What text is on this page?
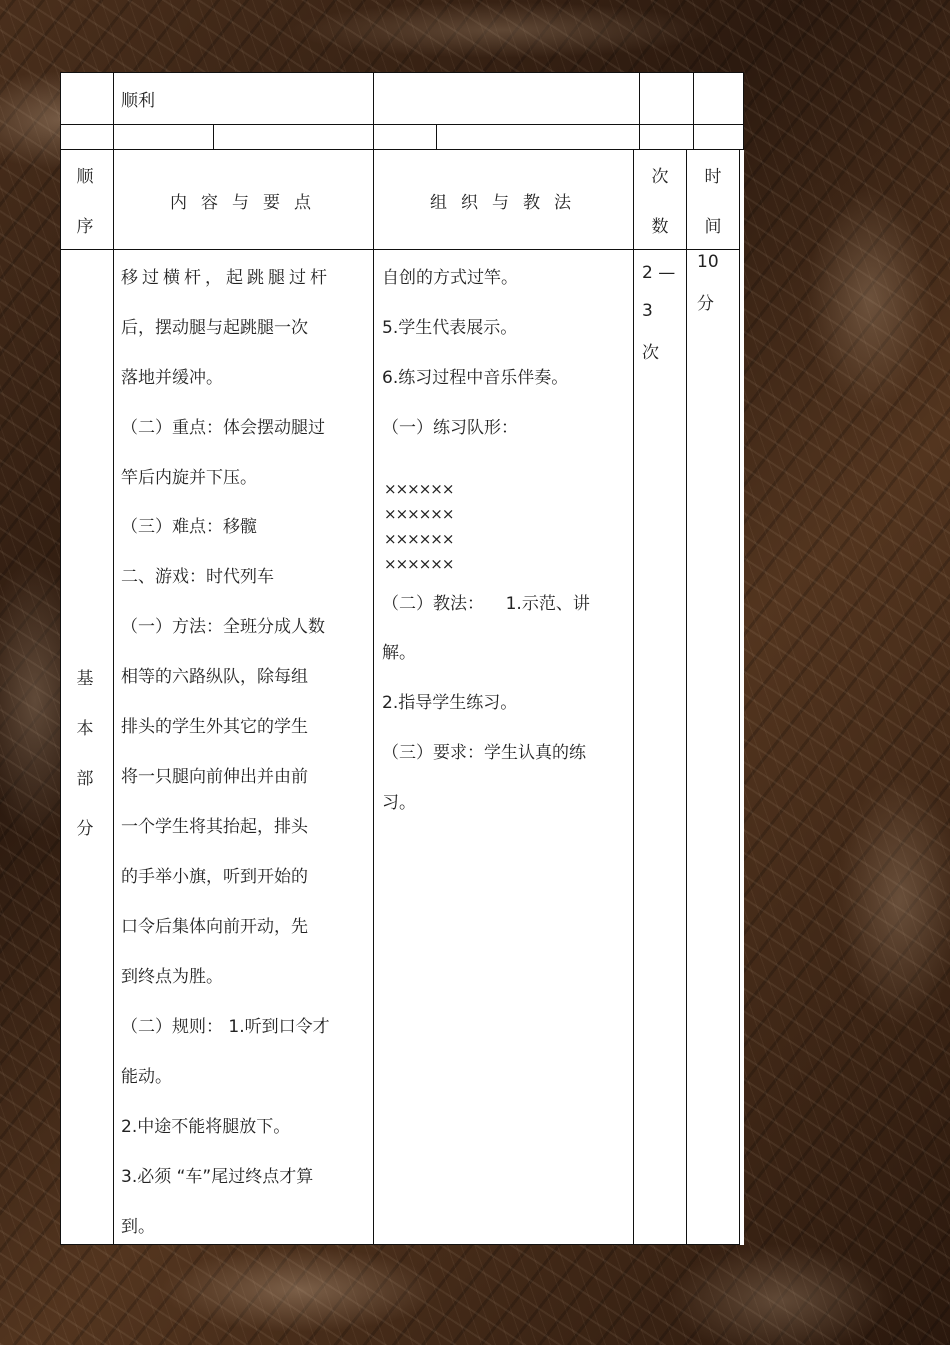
顺利
顺
序
内容与要点	组织与教法
次
数
时
间
基
本
部
分
移过横杆，起跳腿过杆
后，摆动腿与起跳腿一次
落地并缓冲。
（二）重点：体会摆动腿过
竿后内旋并下压。
（三）难点：移髋
二、游戏：时代列车
（一）方法：全班分成人数
相等的六路纵队，除每组
排头的学生外其它的学生
将一只腿向前伸出并由前
一个学生将其抬起，排头
的手举小旗，听到开始的
口令后集体向前开动，先
到终点为胜。
（二）规则： 1.听到口令才
能动。
2.中途不能将腿放下。
3.必须 “车”尾过终点才算
到。
自创的方式过竿。
5.学生代表展示。
6.练习过程中音乐伴奏。
（一）练习队形：
××××××
××××××
××××××
××××××
（二）教法：    1.示范、讲
解。
2.指导学生练习。
（三）要求：学生认真的练
习。
2 —
3
次
10
分
